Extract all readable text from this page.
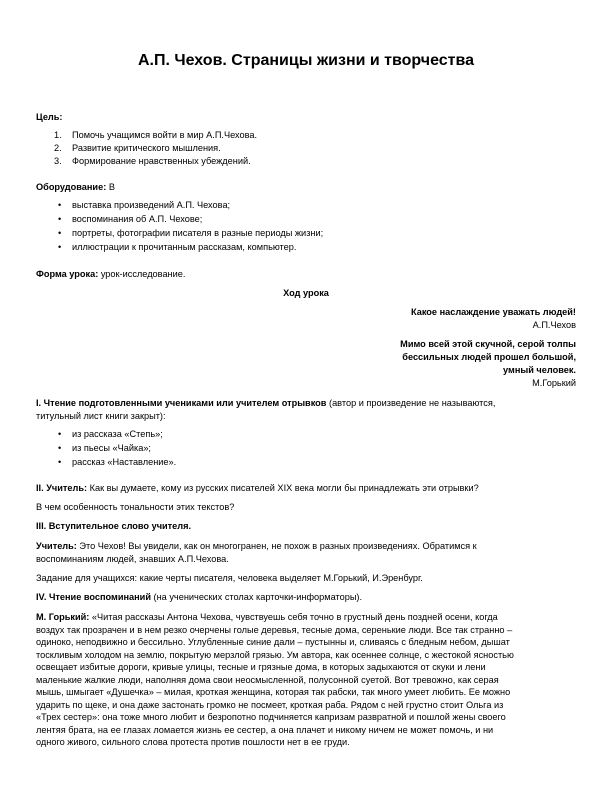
А.П. Чехов. Страницы жизни и творчества
Цель:
1. Помочь учащимся войти в мир А.П.Чехова.
2. Развитие критического мышления.
3. Формирование нравственных убеждений.
Оборудование: В
• выставка произведений А.П. Чехова;
• воспоминания об А.П. Чехове;
• портреты, фотографии писателя в разные периоды жизни;
• иллюстрации к прочитанным рассказам, компьютер.
Форма урока: урок-исследование.
Ход урока
Какое наслаждение уважать людей!
А.П.Чехов
Мимо всей этой скучной, серой толпы
бессильных людей прошел большой,
умный человек.
М.Горький
I. Чтение подготовленными учениками или учителем отрывков (автор и произведение не называются,
титульный лист книги закрыт):
• из рассказа «Степь»;
• из пьесы «Чайка»;
• рассказ «Наставление».
II. Учитель: Как вы думаете, кому из русских писателей XIX века могли бы принадлежать эти отрывки?
В чем особенность тональности этих текстов?
III. Вступительное слово учителя.
Учитель: Это Чехов! Вы увидели, как он многогранен, не похож в разных произведениях. Обратимся к
воспоминаниям людей, знавших А.П.Чехова.
Задание для учащихся: какие черты писателя, человека выделяет М.Горький, И.Эренбург.
IV. Чтение воспоминаний (на ученических столах карточки-информаторы).
М. Горький: «Читая рассказы Антона Чехова, чувствуешь себя точно в грустный день поздней осени, когда
воздух так прозрачен и в нем резко очерчены голые деревья, тесные дома, серенькие люди. Все так странно –
одиноко, неподвижно и бессильно. Углубленные синие дали – пустынны и, сливаясь с бледным небом, дышат
тоскливым холодом на землю, покрытую мерзлой грязью. Ум автора, как осеннее солнце, с жестокой ясностью
освещает избитые дороги, кривые улицы, тесные и грязные дома, в которых задыхаются от скуки и лени
маленькие жалкие люди, наполняя дома свои неосмысленной, полусонной суетой. Вот тревожно, как серая
мышь, шмыгает «Душечка» – милая, кроткая женщина, которая так рабски, так много умеет любить. Ее можно
ударить по щеке, и она даже застонать громко не посмеет, кроткая раба. Рядом с ней грустно стоит Ольга из
«Трех сестер»: она тоже много любит и безропотно подчиняется капризам развратной и пошлой жены своего
лентяя брата, на ее глазах ломается жизнь ее сестер, а она плачет и никому ничем не может помочь, и ни
одного живого, сильного слова протеста против пошлости нет в ее груди.
